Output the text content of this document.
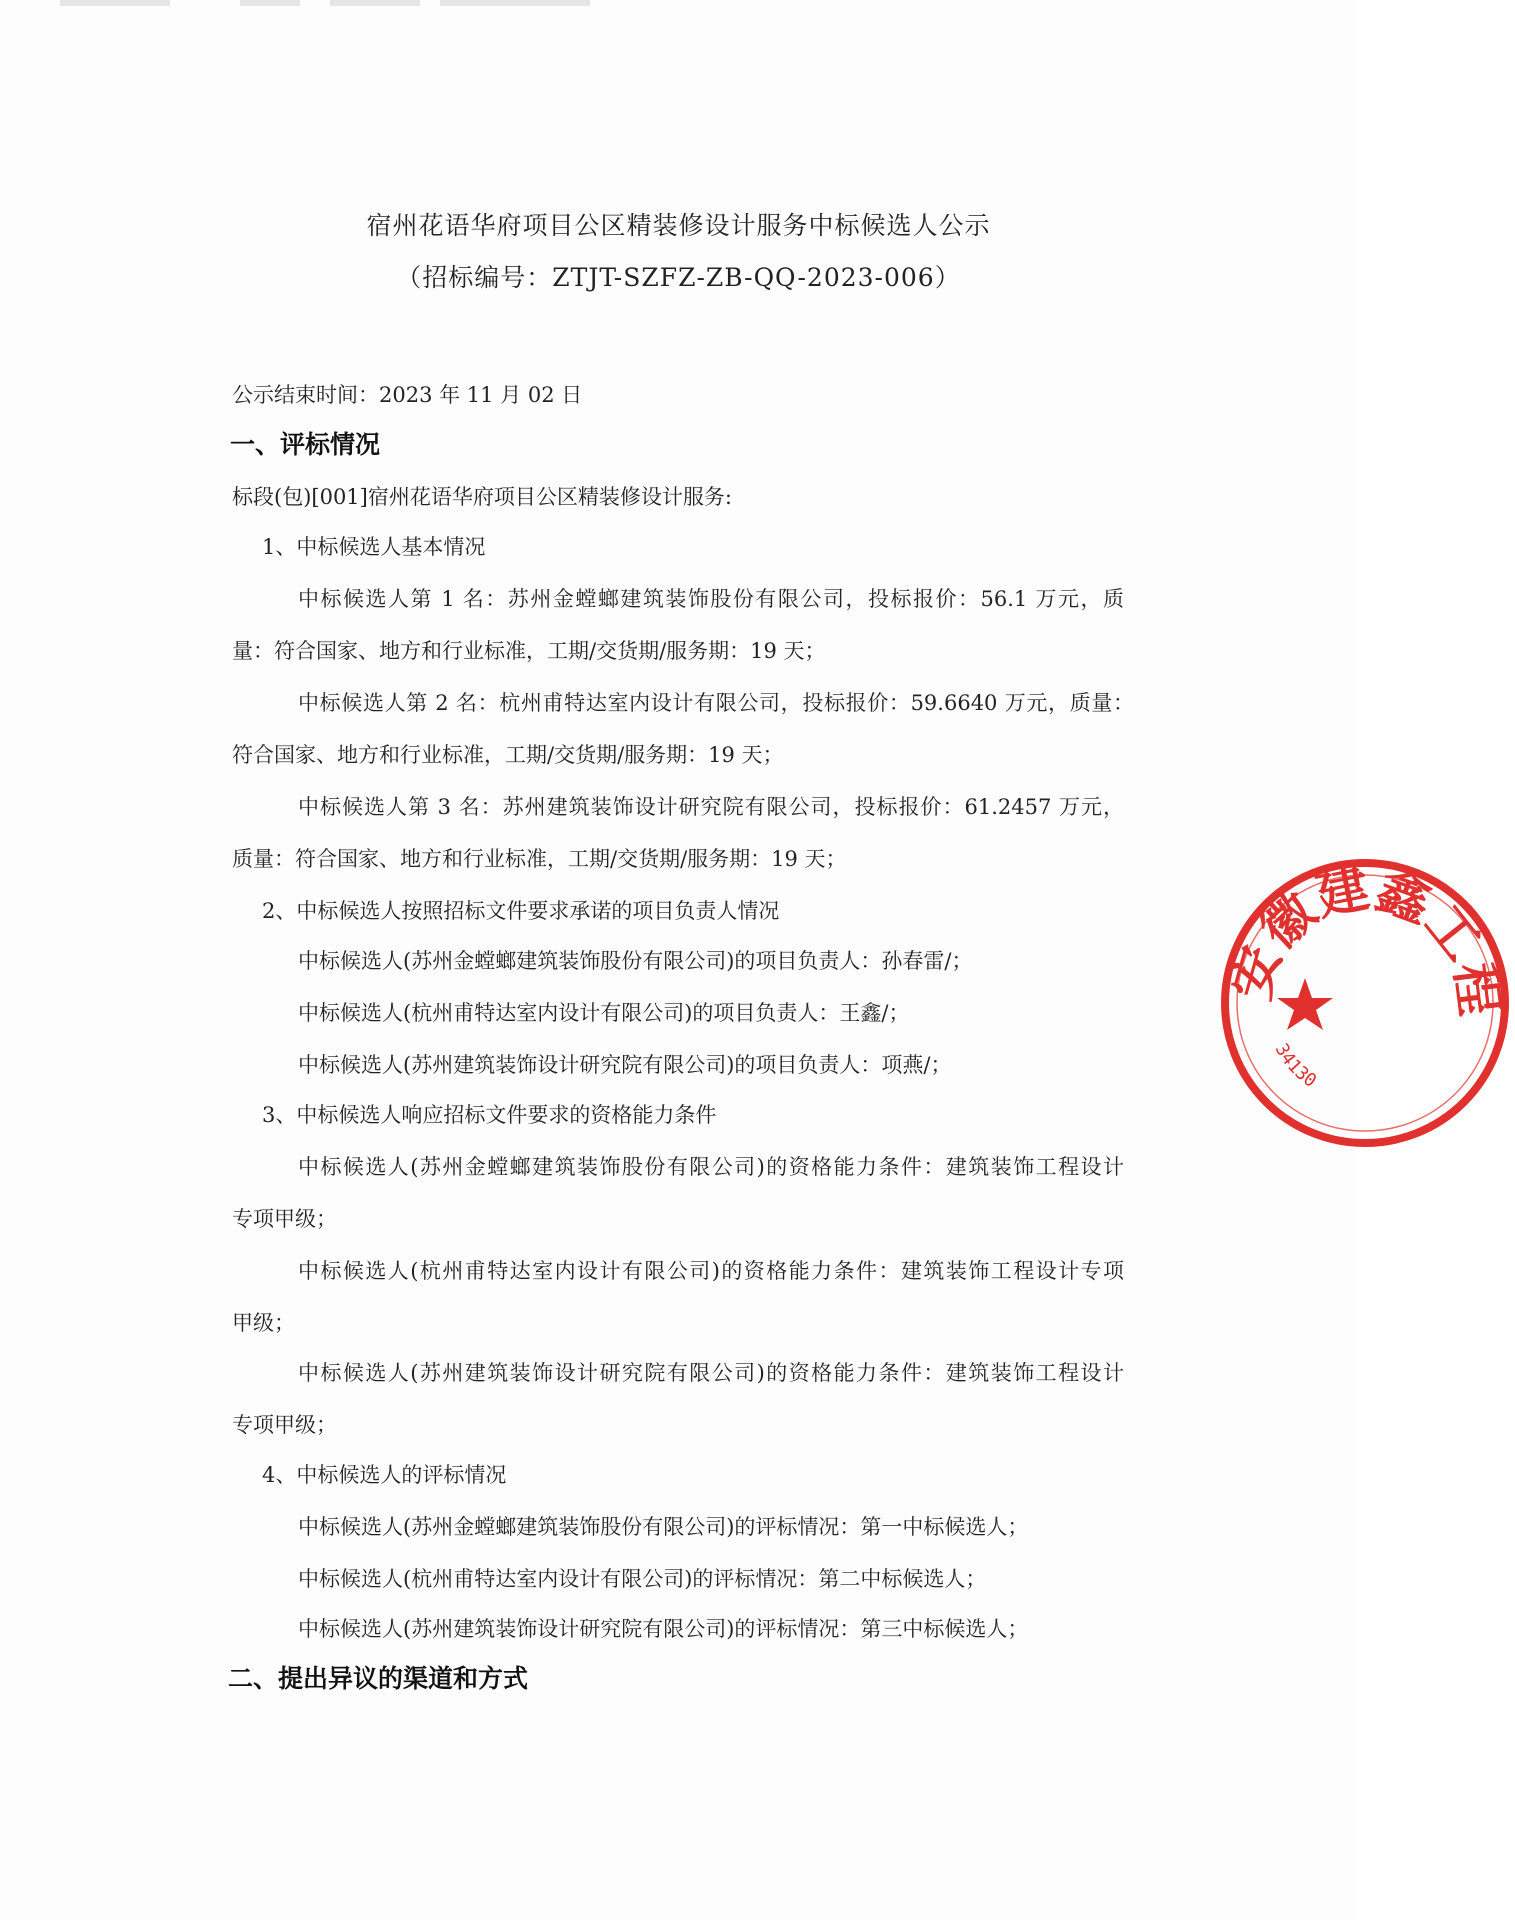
宿州花语华府项目公区精装修设计服务中标候选人公示
（招标编号：ZTJT-SZFZ-ZB-QQ-2023-006）
公示结束时间：2023 年 11 月 02 日
一、评标情况
标段(包)[001]宿州花语华府项目公区精装修设计服务:
1、中标候选人基本情况
中标候选人第 1 名：苏州金螳螂建筑装饰股份有限公司，投标报价：56.1 万元，质
量：符合国家、地方和行业标准，工期/交货期/服务期：19 天；
中标候选人第 2 名：杭州甫特达室内设计有限公司，投标报价：59.6640 万元，质量：
符合国家、地方和行业标准，工期/交货期/服务期：19 天；
中标候选人第 3 名：苏州建筑装饰设计研究院有限公司，投标报价：61.2457 万元，
质量：符合国家、地方和行业标准，工期/交货期/服务期：19 天；
2、中标候选人按照招标文件要求承诺的项目负责人情况
中标候选人(苏州金螳螂建筑装饰股份有限公司)的项目负责人：孙春雷/；
中标候选人(杭州甫特达室内设计有限公司)的项目负责人：王鑫/；
中标候选人(苏州建筑装饰设计研究院有限公司)的项目负责人：项燕/；
3、中标候选人响应招标文件要求的资格能力条件
中标候选人(苏州金螳螂建筑装饰股份有限公司)的资格能力条件：建筑装饰工程设计
专项甲级；
中标候选人(杭州甫特达室内设计有限公司)的资格能力条件：建筑装饰工程设计专项
甲级；
中标候选人(苏州建筑装饰设计研究院有限公司)的资格能力条件：建筑装饰工程设计
专项甲级；
4、中标候选人的评标情况
中标候选人(苏州金螳螂建筑装饰股份有限公司)的评标情况：第一中标候选人；
中标候选人(杭州甫特达室内设计有限公司)的评标情况：第二中标候选人；
中标候选人(苏州建筑装饰设计研究院有限公司)的评标情况：第三中标候选人；
二、提出异议的渠道和方式
安徽建鑫工程
34130
